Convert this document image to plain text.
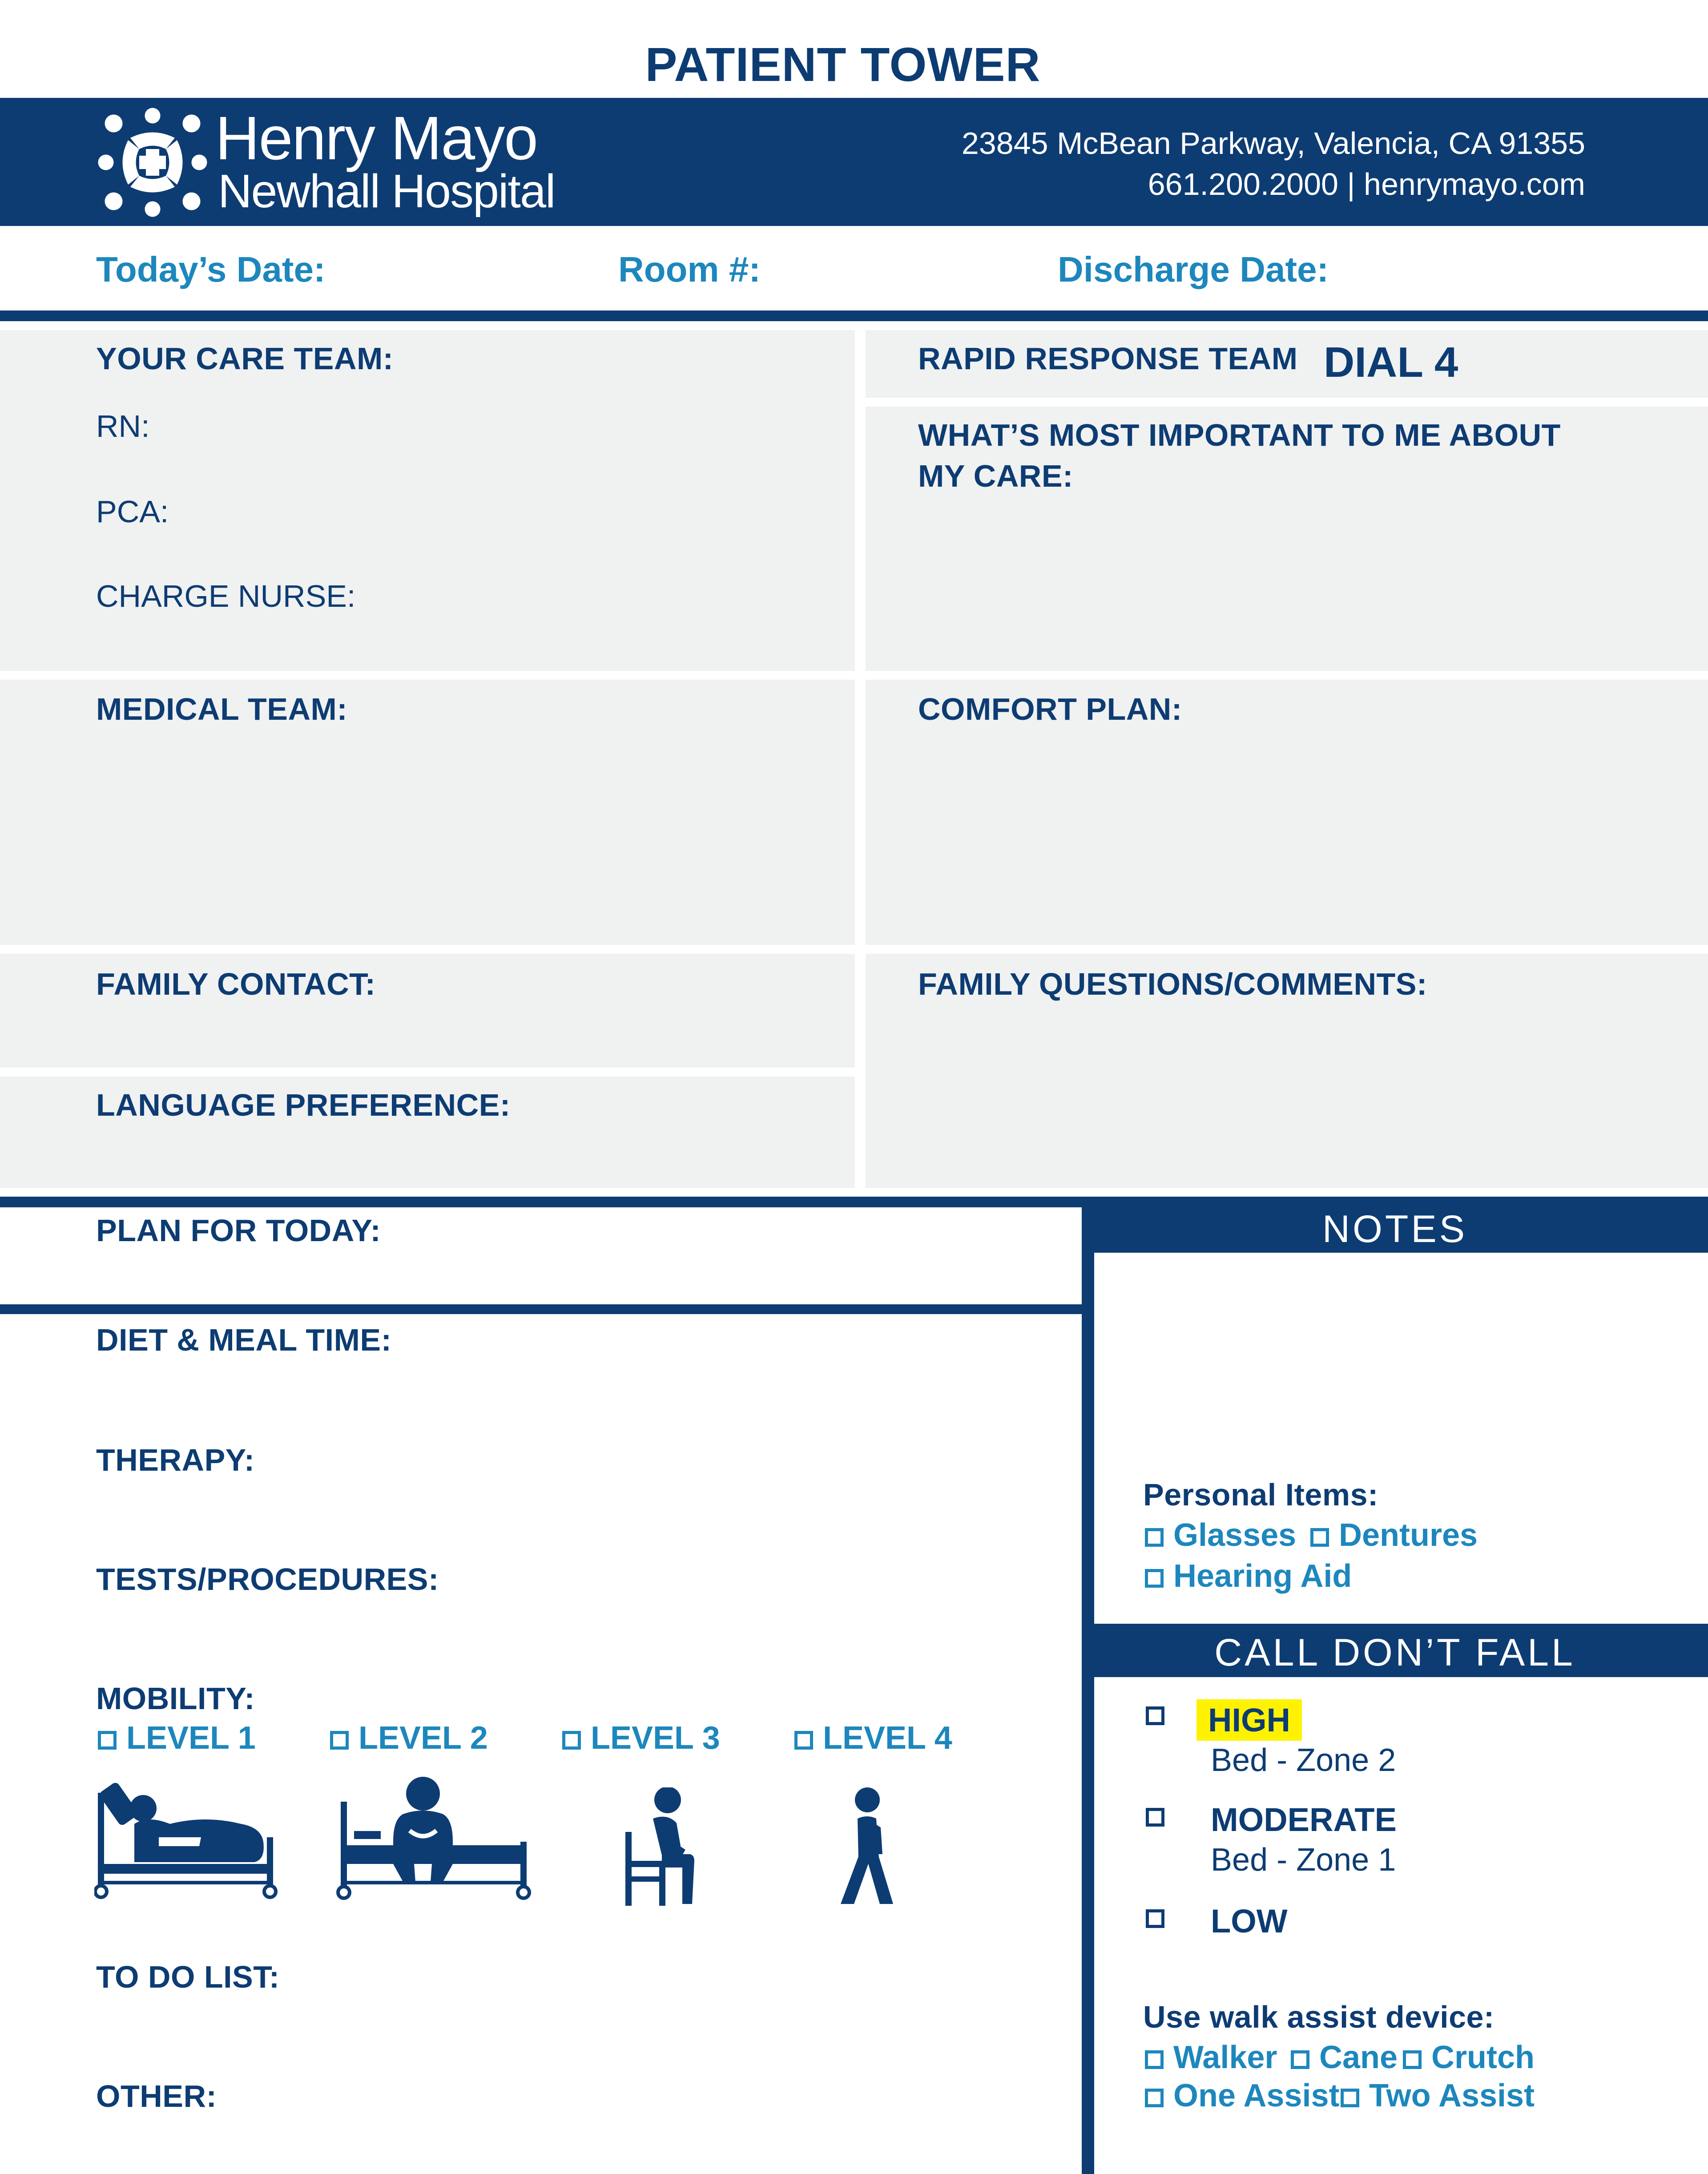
PATIENT TOWER
Henry Mayo
Newhall Hospital
23845 McBean Parkway, Valencia, CA 91355
661.200.2000 | henrymayo.com
Today’s Date:	Room #:	Discharge Date:
YOUR CARE TEAM:
RN:
PCA:
CHARGE NURSE:
RAPID RESPONSE TEAM DIAL 4
WHAT’S MOST IMPORTANT TO ME ABOUT
MY CARE:
MEDICAL TEAM:	COMFORT PLAN:
FAMILY CONTACT:	FAMILY QUESTIONS/COMMENTS:
LANGUAGE PREFERENCE:
PLAN FOR TODAY:
DIET & MEAL TIME:
THERAPY:
TESTS/PROCEDURES:
MOBILITY:
LEVEL 1	LEVEL 2	LEVEL 3	LEVEL 4
TO DO LIST:
OTHER:
NOTES
Personal Items:
Glasses	Dentures
Hearing Aid
CALL DON’T FALL
HIGH
Bed - Zone 2
MODERATE
Bed - Zone 1
LOW
Use walk assist device:
Walker	Cane	Crutch
One Assist Two Assist
